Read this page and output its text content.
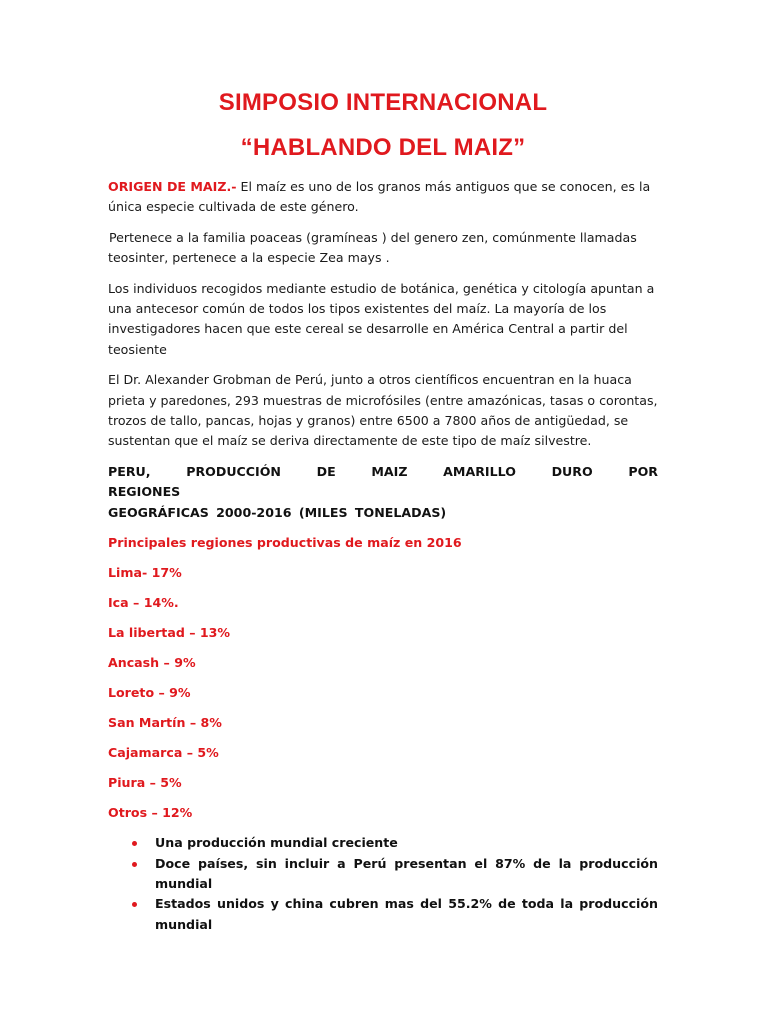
SIMPOSIO INTERNACIONAL
“HABLANDO DEL MAIZ”

ORIGEN DE MAIZ.- El maíz es uno de los granos más antiguos que se conocen, es la única especie cultivada de este género.

Pertenece a la familia poaceas (gramíneas ) del genero zen, comúnmente llamadas teosinter, pertenece a la especie Zea mays .

Los individuos recogidos mediante estudio de botánica, genética y citología apuntan a una antecesor común de todos los tipos existentes del maíz. La mayoría de los investigadores hacen que este cereal se desarrolle en América Central a partir del teosiente

El Dr. Alexander Grobman de Perú, junto a otros científicos encuentran en la huaca prieta y paredones, 293 muestras de microfósiles (entre amazónicas, tasas o corontas, trozos de tallo, pancas, hojas y granos) entre 6500 a 7800 años de antigüedad, se sustentan que el maíz se deriva directamente de este tipo de maíz silvestre.

PERU, PRODUCCIÓN DE MAIZ AMARILLO DURO POR REGIONES
GEOGRÁFICAS 2000-2016 (MILES TONELADAS)
Principales regiones productivas de maíz en 2016
Lima- 17%
Ica – 14%.
La libertad – 13%
Ancash – 9%
Loreto – 9%
San Martín – 8%
Cajamarca – 5%
Piura – 5%
Otros – 12%
Una producción mundial creciente
Doce países, sin incluir a Perú presentan el 87% de la producción mundial
Estados unidos y china cubren mas del 55.2% de toda la producción mundial
